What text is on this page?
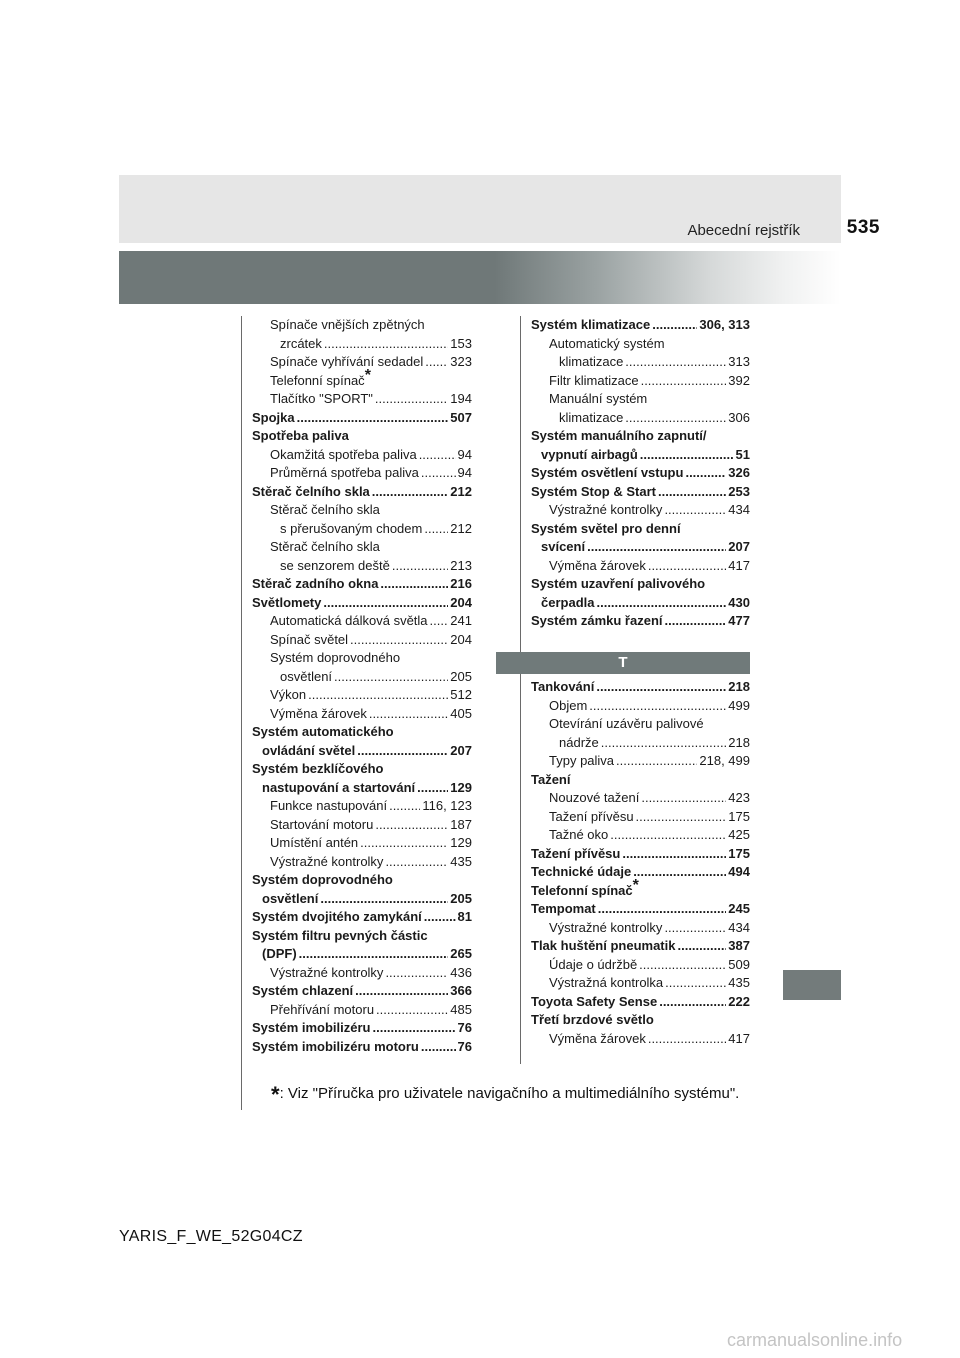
Abecední rejstřík 535
Spínače vnějších zpětných
zrcátek .....	153
Spínače vyhřívání sedadel ..... 323
Telefonní spínač*
Tlačítko "SPORT" .....	194
Spojka .....	507
Spotřeba paliva
Okamžitá spotřeba paliva .....	94
Průměrná spotřeba paliva .....	94
Stěrač čelního skla .....	212
Stěrač čelního skla
s přerušovaným chodem ..... 212
Stěrač čelního skla
se senzorem deště .....	213
Stěrač zadního okna .....	216
Světlomety .....	204
Automatická dálková světla ..... 241
Spínač světel .....	204
Systém doprovodného
osvětlení .....	205
Výkon .....	512
Výměna žárovek .....	405
Systém automatického
ovládání světel .....	207
Systém bezklíčového
nastupování a startování .....	129
Funkce nastupování .....	116, 123
Startování motoru .....	187
Umístění antén .....	129
Výstražné kontrolky .....	435
Systém doprovodného
osvětlení .....	205
Systém dvojitého zamykání .....	81
Systém filtru pevných částic
(DPF) .....	265
Výstražné kontrolky .....	436
Systém chlazení .....	366
Přehřívání motoru .....	485
Systém imobilizéru .....	76
Systém imobilizéru motoru .....	76
Systém klimatizace .....	306, 313
Automatický systém
klimatizace .....	313
Filtr klimatizace .....	392
Manuální systém
klimatizace .....	306
Systém manuálního zapnutí/
vypnutí airbagů .....	51
Systém osvětlení vstupu .....	326
Systém Stop & Start .....	253
Výstražné kontrolky .....	434
Systém světel pro denní
svícení .....	207
Výměna žárovek .....	417
Systém uzavření palivového
čerpadla .....	430
Systém zámku řazení .....	477
T
Tankování .....	218
Objem .....	499
Otevírání uzávěru palivové
nádrže .....	218
Typy paliva .....	218, 499
Tažení
Nouzové tažení .....	423
Tažení přívěsu .....	175
Tažné oko .....	425
Tažení přívěsu .....	175
Technické údaje .....	494
Telefonní spínač*
Tempomat .....	245
Výstražné kontrolky .....	434
Tlak huštění pneumatik .....	387
Údaje o údržbě .....	509
Výstražná kontrolka .....	435
Toyota Safety Sense .....	222
Třetí brzdové světlo
Výměna žárovek .....	417
*: Viz "Příručka pro uživatele navigačního a multimediálního systému".
YARIS_F_WE_52G04CZ
carmanualsonline.info
